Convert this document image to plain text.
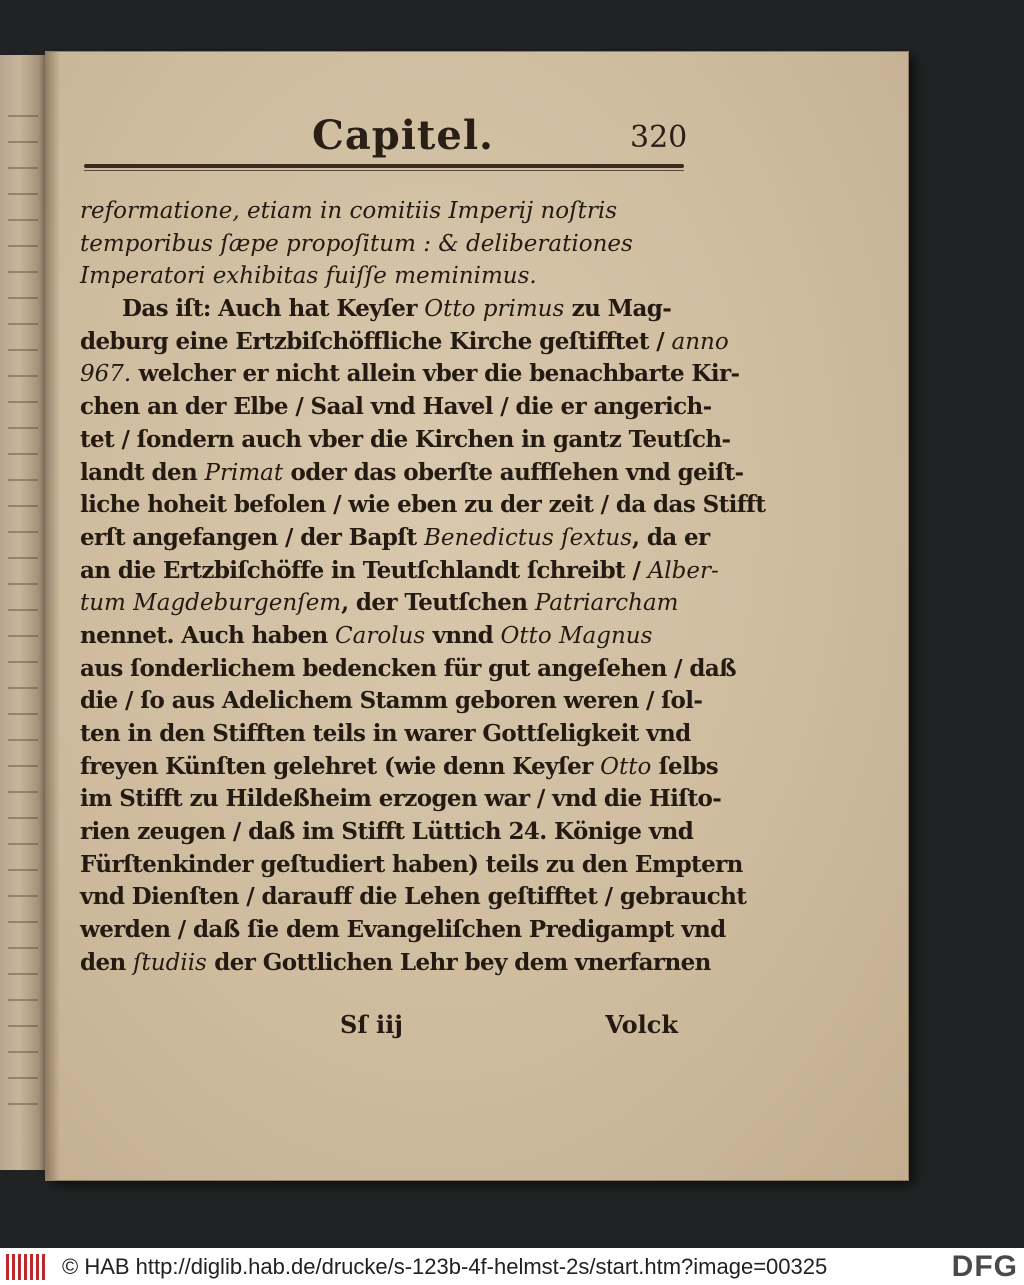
Capitel.	320
reformatione, etiam in comitiis Imperij noſtris
temporibus ſæpe propoſitum : & deliberationes
Imperatori exhibitas fuiſſe meminimus.
Das iſt: Auch hat Keyſer Otto primus zu Mag-
deburg eine Ertzbiſchöffliche Kirche geſtifftet / anno
967. welcher er nicht allein vber die benachbarte Kir-
chen an der Elbe / Saal vnd Havel / die er angerich-
tet / ſondern auch vber die Kirchen in gantz Teutſch-
landt den Primat oder das oberſte auffſehen vnd geiſt-
liche hoheit befolen / wie eben zu der zeit / da das Stifft
erſt angefangen / der Bapſt Benedictus ſextus, da er
an die Ertzbiſchöffe in Teutſchlandt ſchreibt / Alber-
tum Magdeburgenſem, der Teutſchen Patriarcham
nennet. Auch haben Carolus vnnd Otto Magnus
aus ſonderlichem bedencken für gut angeſehen / daß
die / ſo aus Adelichem Stamm geboren weren / ſol-
ten in den Stifften teils in warer Gottſeligkeit vnd
freyen Künſten gelehret (wie denn Keyſer Otto ſelbs
im Stifft zu Hildeßheim erzogen war / vnd die Hiſto-
rien zeugen / daß im Stifft Lüttich 24. Könige vnd
Fürſtenkinder geſtudiert haben) teils zu den Emptern
vnd Dienſten / darauff die Lehen geſtifftet / gebraucht
werden / daß ſie dem Evangeliſchen Predigampt vnd
den ſtudiis der Gottlichen Lehr bey dem vnerfarnen
Sſ iij	Volck
© HAB http://diglib.hab.de/drucke/s-123b-4f-helmst-2s/start.htm?image=00325	DFG
